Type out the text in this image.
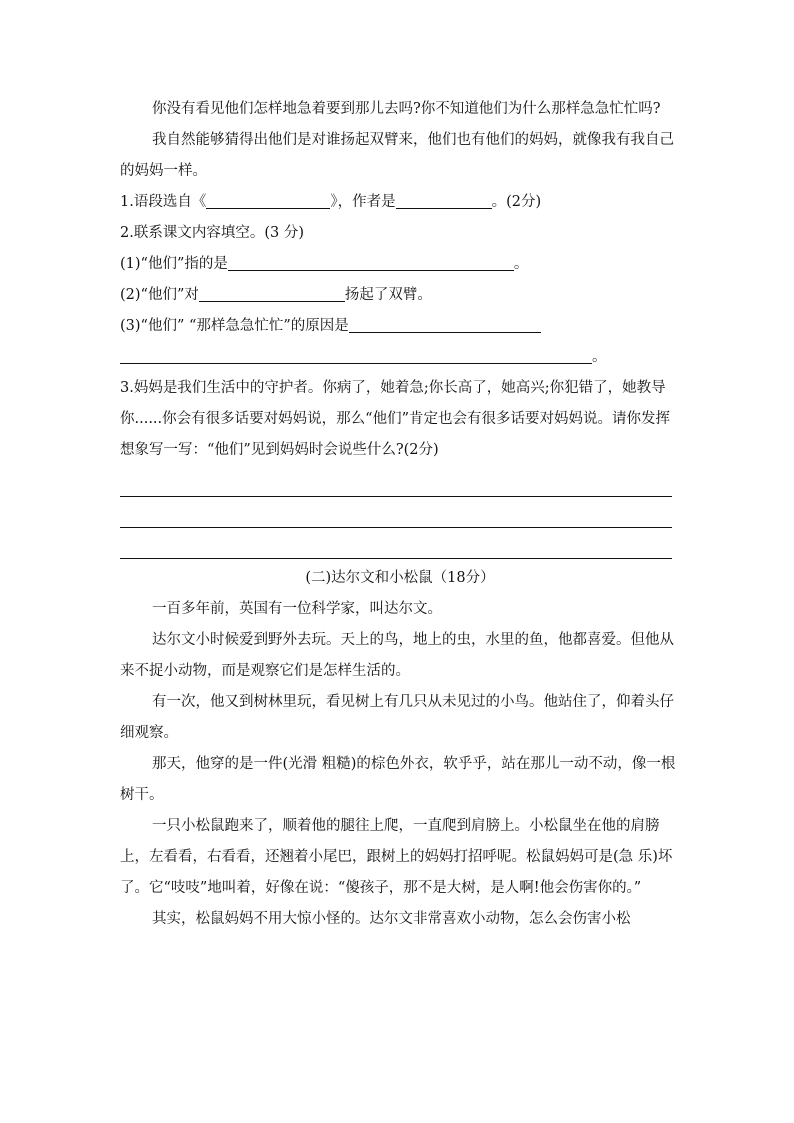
你没有看见他们怎样地急着要到那儿去吗?你不知道他们为什么那样急急忙忙吗?

我自然能够猜得出他们是对谁扬起双臂来，他们也有他们的妈妈，就像我有我自己的妈妈一样。

1.语段选自《	》，作者是	。(2分)

2.联系课文内容填空。(3 分)

(1)“他们”指的是	。

(2)“他们”对	扬起了双臂。

(3)“他们” “那样急急忙忙”的原因是

。

3.妈妈是我们生活中的守护者。你病了，她着急;你长高了，她高兴;你犯错了，她教导你......你会有很多话要对妈妈说，那么“他们”肯定也会有很多话要对妈妈说。请你发挥想象写一写：“他们”见到妈妈时会说些什么?(2分)

(二)达尔文和小松鼠（18分）

一百多年前，英国有一位科学家，叫达尔文。

达尔文小时候爱到野外去玩。天上的鸟，地上的虫，水里的鱼，他都喜爱。但他从来不捉小动物，而是观察它们是怎样生活的。

有一次，他又到树林里玩，看见树上有几只从未见过的小鸟。他站住了，仰着头仔细观察。

那天，他穿的是一件(光滑 粗糙)的棕色外衣，软乎乎，站在那儿一动不动，像一根树干。

一只小松鼠跑来了，顺着他的腿往上爬，一直爬到肩膀上。小松鼠坐在他的肩膀上，左看看，右看看，还翘着小尾巴，跟树上的妈妈打招呼呢。松鼠妈妈可是(急 乐)坏了。它“吱吱”地叫着，好像在说：“傻孩子，那不是大树，是人啊!他会伤害你的。”

其实，松鼠妈妈不用大惊小怪的。达尔文非常喜欢小动物，怎么会伤害小松
